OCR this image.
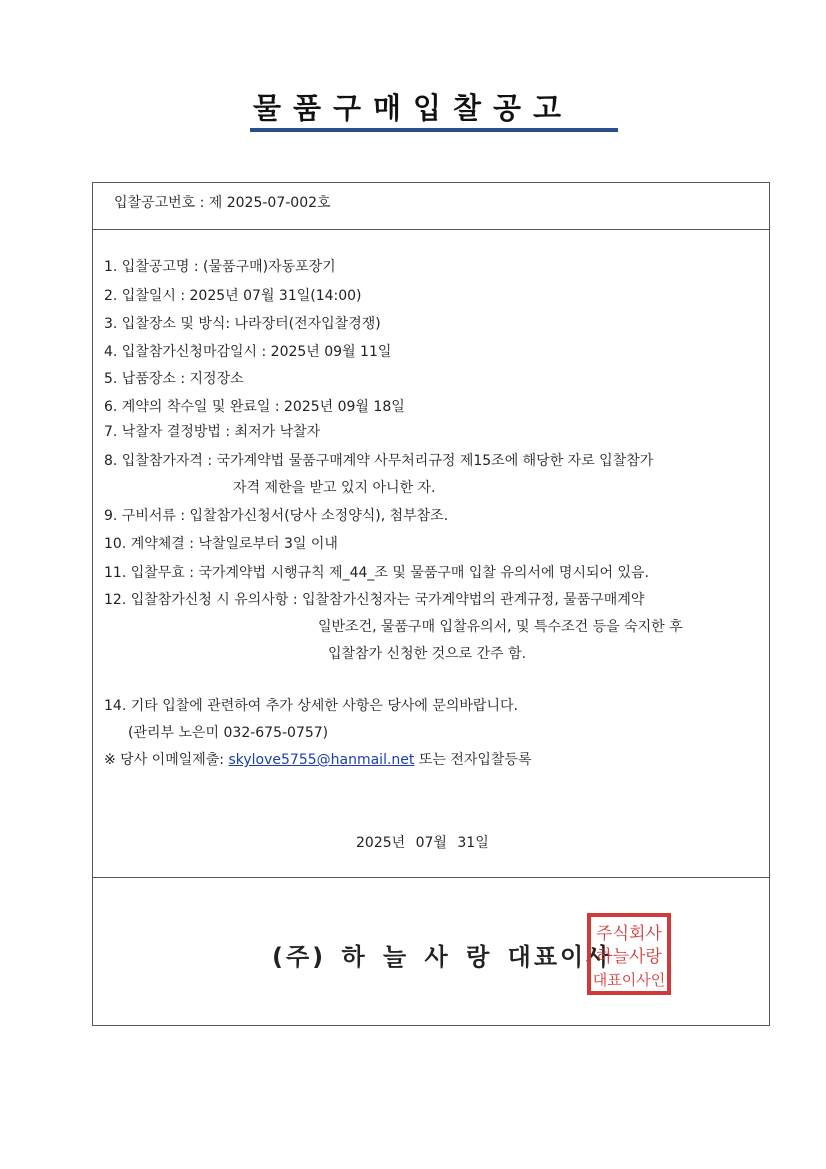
물품구매입찰공고
입찰공고번호 : 제 2025-07-002호
1. 입찰공고명 : (물품구매)자동포장기
2. 입찰일시 : 2025년 07월 31일(14:00)
3. 입찰장소 및 방식: 나라장터(전자입찰경쟁)
4. 입찰참가신청마감일시 : 2025년 09월 11일
5. 납품장소 : 지정장소
6. 계약의 착수일 및 완료일 : 2025년 09월 18일
7. 낙찰자 결정방법 : 최저가 낙찰자
8. 입찰참가자격 : 국가계약법 물품구매계약 사무처리규정 제15조에 해당한 자로 입찰참가
자격 제한을 받고 있지 아니한 자.
9. 구비서류 : 입찰참가신청서(당사 소정양식), 첨부참조.
10. 계약체결 : 낙찰일로부터 3일 이내
11. 입찰무효 : 국가계약법 시행규칙 제_44_조 및 물품구매 입찰 유의서에 명시되어 있음.
12. 입찰참가신청 시 유의사항 : 입찰참가신청자는 국가계약법의 관계규정, 물품구매계약
일반조건, 물품구매 입찰유의서, 및 특수조건 등을 숙지한 후
입찰참가 신청한 것으로 간주 함.
14. 기타 입찰에 관련하여 추가 상세한 사항은 당사에 문의바랍니다.
(관리부 노은미 032-675-0757)
※ 당사 이메일제출: skylove5755@hanmail.net 또는 전자입찰등록
2025년 07월 31일
(주) 하 늘 사 랑 대표이사
주식회사
하늘사랑
대표이사인
